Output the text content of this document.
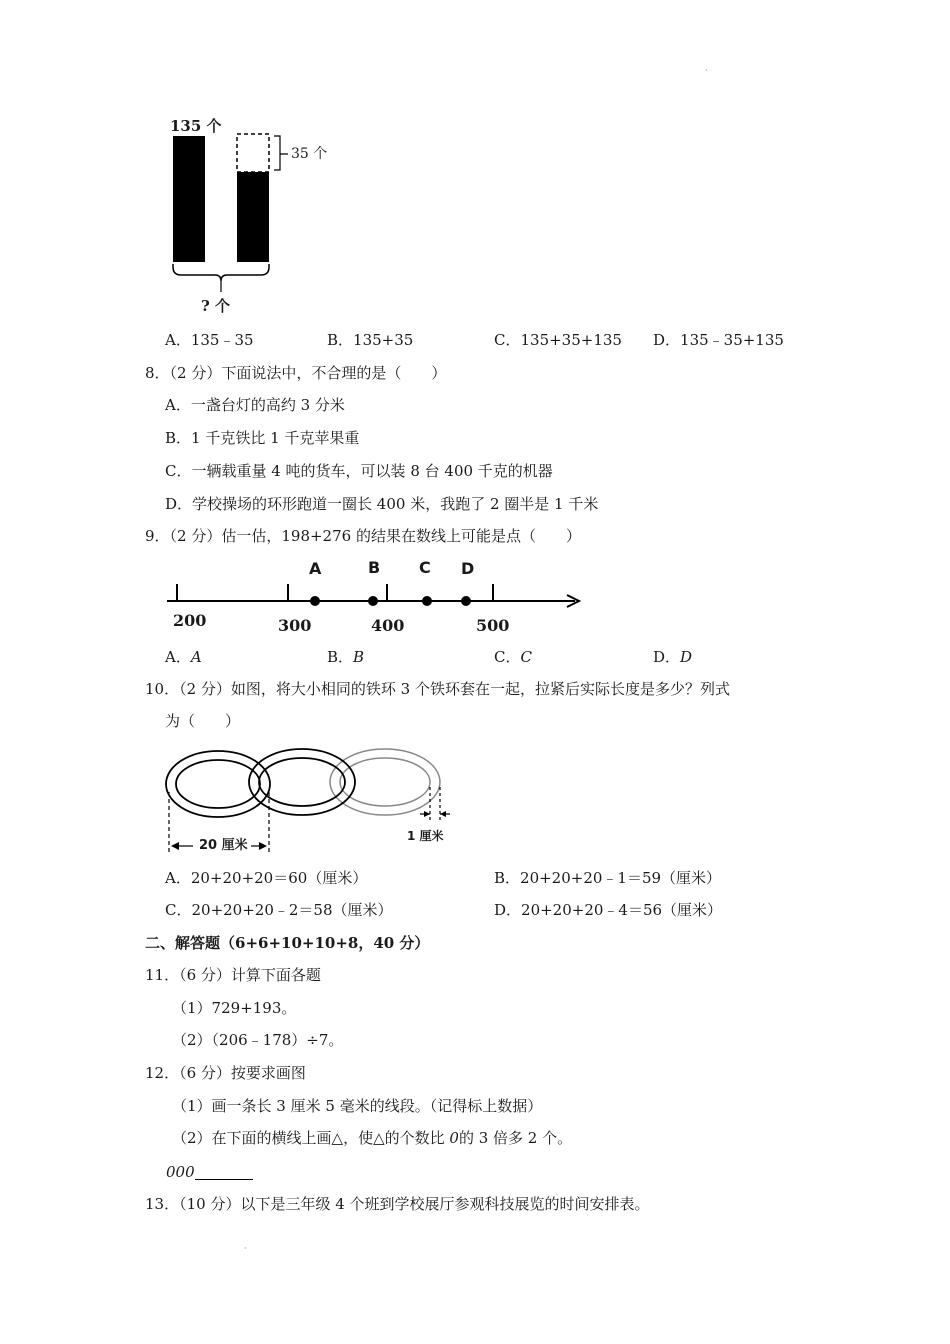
·
135 个
35 个
? 个
A．135﹣35	B．135+35	C．135+35+135 D．135﹣35+135
8．（2 分）下面说法中，不合理的是（　　）
A．一盏台灯的高约 3 分米
B．1 千克铁比 1 千克苹果重
C．一辆载重量 4 吨的货车，可以装 8 台 400 千克的机器
D．学校操场的环形跑道一圈长 400 米，我跑了 2 圈半是 1 千米
9．（2 分）估一估，198+276 的结果在数线上可能是点（　　）
200	300	400	500
A	B C D
A．A	B．B	C．C	D．D
10．（2 分）如图，将大小相同的铁环 3 个铁环套在一起，拉紧后实际长度是多少？列式
为（　　）
20 厘米
1 厘米
A．20+20+20＝60（厘米）	B．20+20+20﹣1＝59（厘米）
C．20+20+20﹣2＝58（厘米）	D．20+20+20﹣4＝56（厘米）
二、解答题（6+6+10+10+8，40 分）
11．（6 分）计算下面各题
（1）729+193。
（2）（206﹣178）÷7。
12．（6 分）按要求画图
（1）画一条长 3 厘米 5 毫米的线段。（记得标上数据）
（2）在下面的横线上画△，使△的个数比 0的 3 倍多 2 个。
000
13．（10 分）以下是三年级 4 个班到学校展厅参观科技展览的时间安排表。
·
